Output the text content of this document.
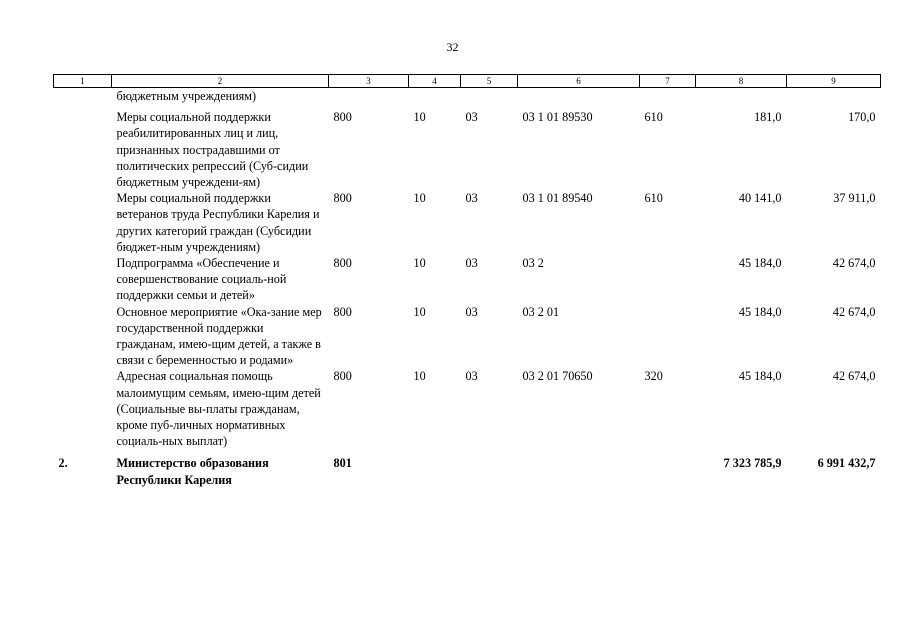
32
1	2	3	4	5	6	7	8	9
	бюджетным учреждениям)							
	Меры социальной поддержки реабилитированных лиц и лиц, признанных пострадавшими от политических репрессий (Суб-сидии бюджетным учреждени-ям)	800	10	03	03 1 01 89530	610	181,0	170,0
	Меры социальной поддержки ветеранов труда Республики Карелия и других категорий граждан (Субсидии бюджет-ным учреждениям)	800	10	03	03 1 01 89540	610	40 141,0	37 911,0
	Подпрограмма «Обеспечение и совершенствование социаль-ной поддержки семьи и детей»	800	10	03	03 2		45 184,0	42 674,0
	Основное мероприятие «Ока-зание мер государственной поддержки гражданам, имею-щим детей, а также в связи с беременностью и родами»	800	10	03	03 2 01		45 184,0	42 674,0
	Адресная социальная помощь малоимущим семьям, имею-щим детей (Социальные вы-платы гражданам, кроме пуб-личных нормативных социаль-ных выплат)	800	10	03	03 2 01 70650	320	45 184,0	42 674,0
2.	Министерство образования Республики Карелия	801					7 323 785,9	6 991 432,7
